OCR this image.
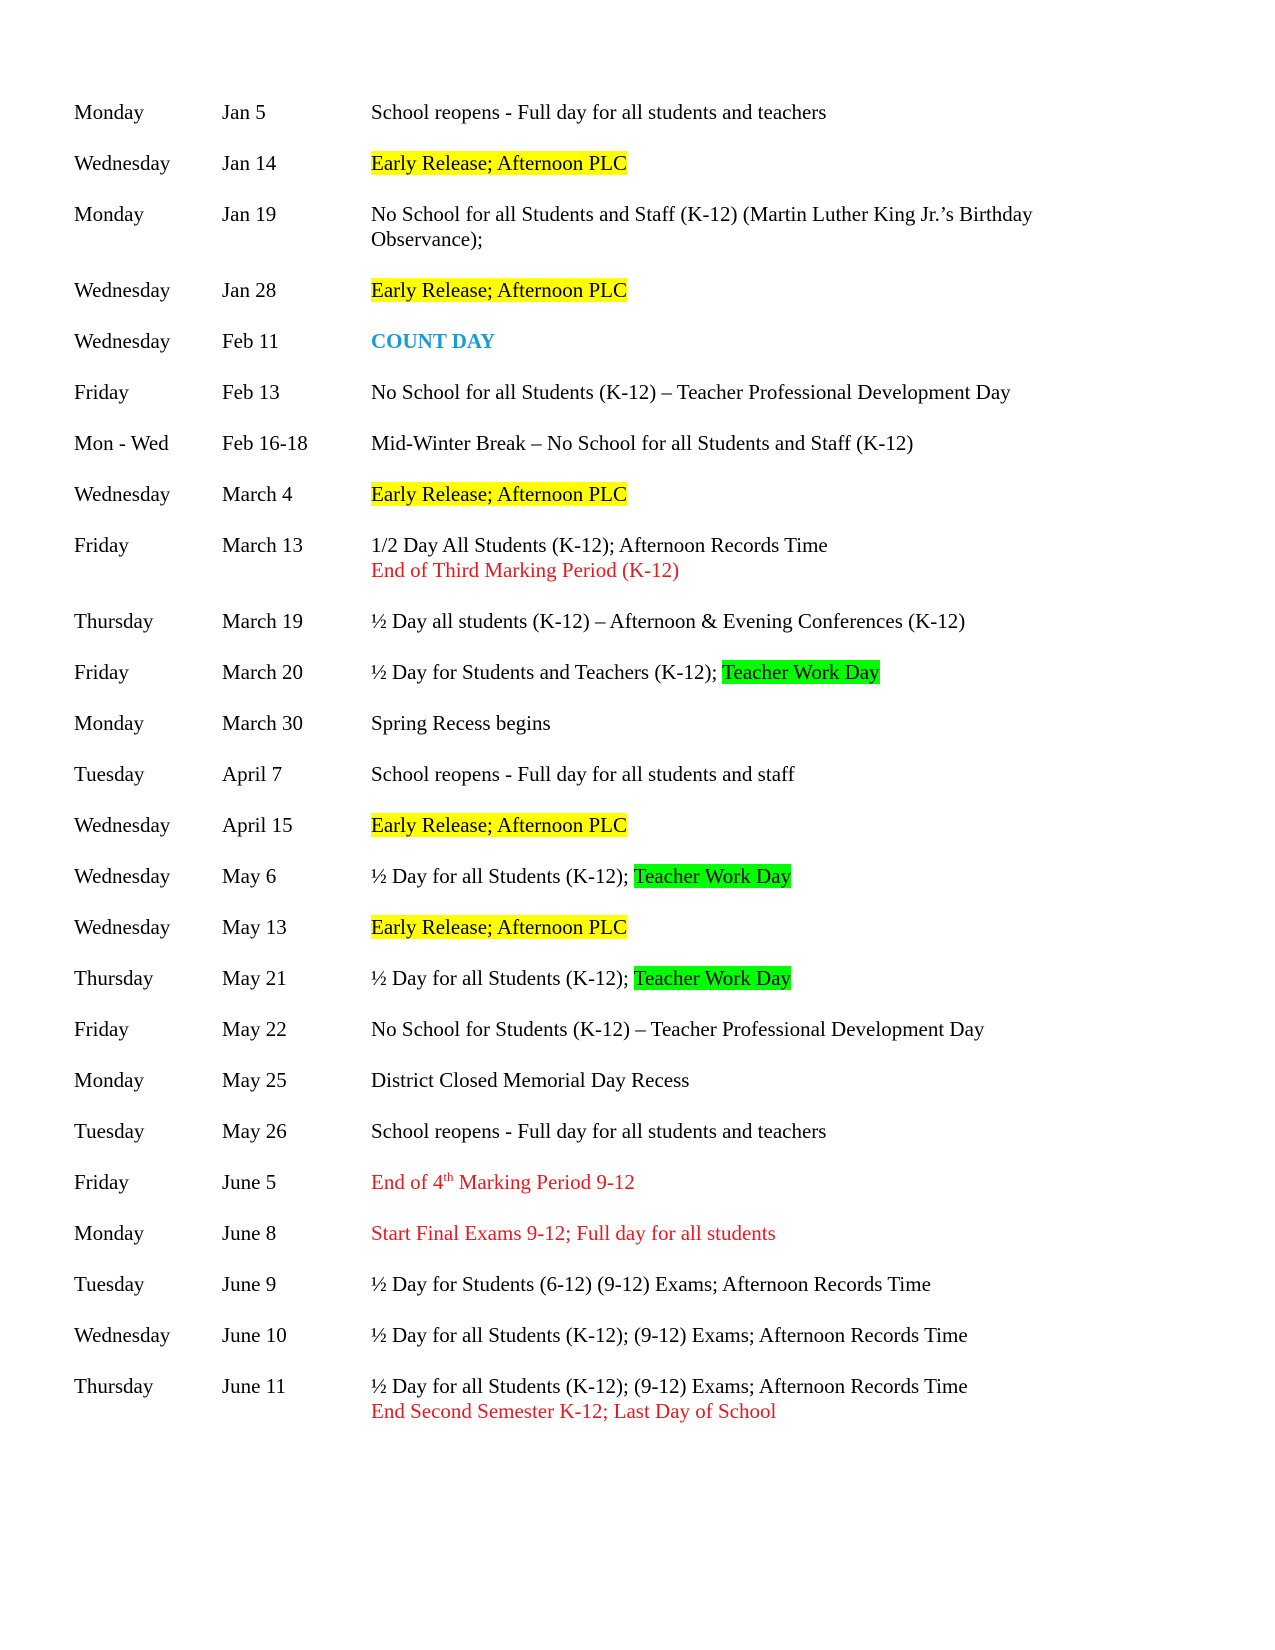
Monday	Jan 5	School reopens - Full day for all students and teachers
Wednesday Jan 14	Early Release; Afternoon PLC
Monday	Jan 19	No School for all Students and Staff (K-12) (Martin Luther King Jr.’s Birthday
Observance);
Wednesday Jan 28	Early Release; Afternoon PLC
Wednesday Feb 11	COUNT DAY
Friday	Feb 13	No School for all Students (K-12) – Teacher Professional Development Day
Mon - Wed	Feb 16-18	Mid-Winter Break – No School for all Students and Staff (K-12)
Wednesday March 4	Early Release; Afternoon PLC
Friday	March 13	1/2 Day All Students (K-12); Afternoon Records Time
End of Third Marking Period (K-12)
Thursday	March 19	½ Day all students (K-12) – Afternoon & Evening Conferences (K-12)
Friday	March 20	½ Day for Students and Teachers (K-12); Teacher Work Day
Monday	March 30	Spring Recess begins
Tuesday	April 7	School reopens - Full day for all students and staff
Wednesday April 15	Early Release; Afternoon PLC
Wednesday May 6	½ Day for all Students (K-12); Teacher Work Day
Wednesday May 13	Early Release; Afternoon PLC
Thursday	May 21	½ Day for all Students (K-12); Teacher Work Day
Friday	May 22	No School for Students (K-12) – Teacher Professional Development Day
Monday	May 25	District Closed Memorial Day Recess
Tuesday	May 26	School reopens - Full day for all students and teachers
Friday	June 5	End of 4th Marking Period 9-12
Monday	June 8	Start Final Exams 9-12; Full day for all students
Tuesday	June 9	½ Day for Students (6-12) (9-12) Exams; Afternoon Records Time
Wednesday June 10	½ Day for all Students (K-12); (9-12) Exams; Afternoon Records Time
Thursday	June 11	½ Day for all Students (K-12); (9-12) Exams; Afternoon Records Time
End Second Semester K-12; Last Day of School
